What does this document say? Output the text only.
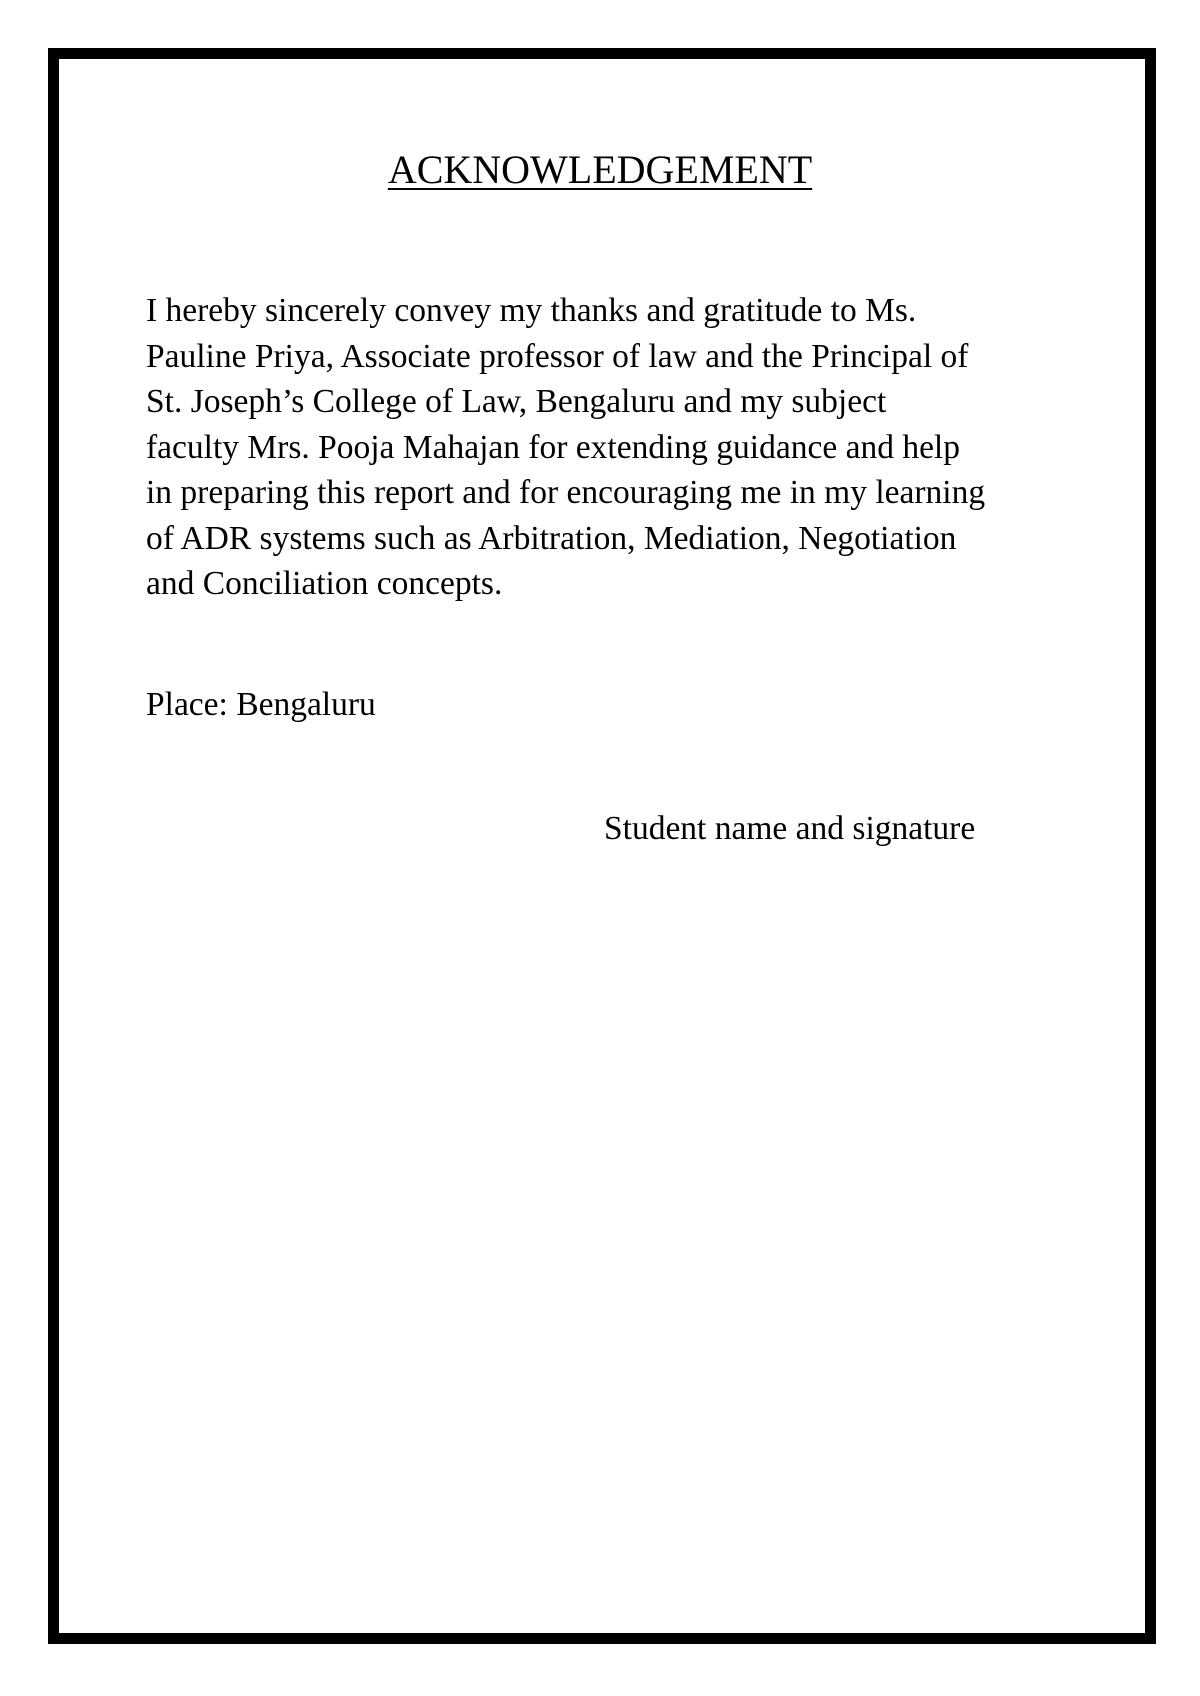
ACKNOWLEDGEMENT

I hereby sincerely convey my thanks and gratitude to Ms.
Pauline Priya, Associate professor of law and the Principal of
St. Joseph’s College of Law, Bengaluru and my subject
faculty Mrs. Pooja Mahajan for extending guidance and help
in preparing this report and for encouraging me in my learning
of ADR systems such as Arbitration, Mediation, Negotiation
and Conciliation concepts.

Place: Bengaluru

Student name and signature
